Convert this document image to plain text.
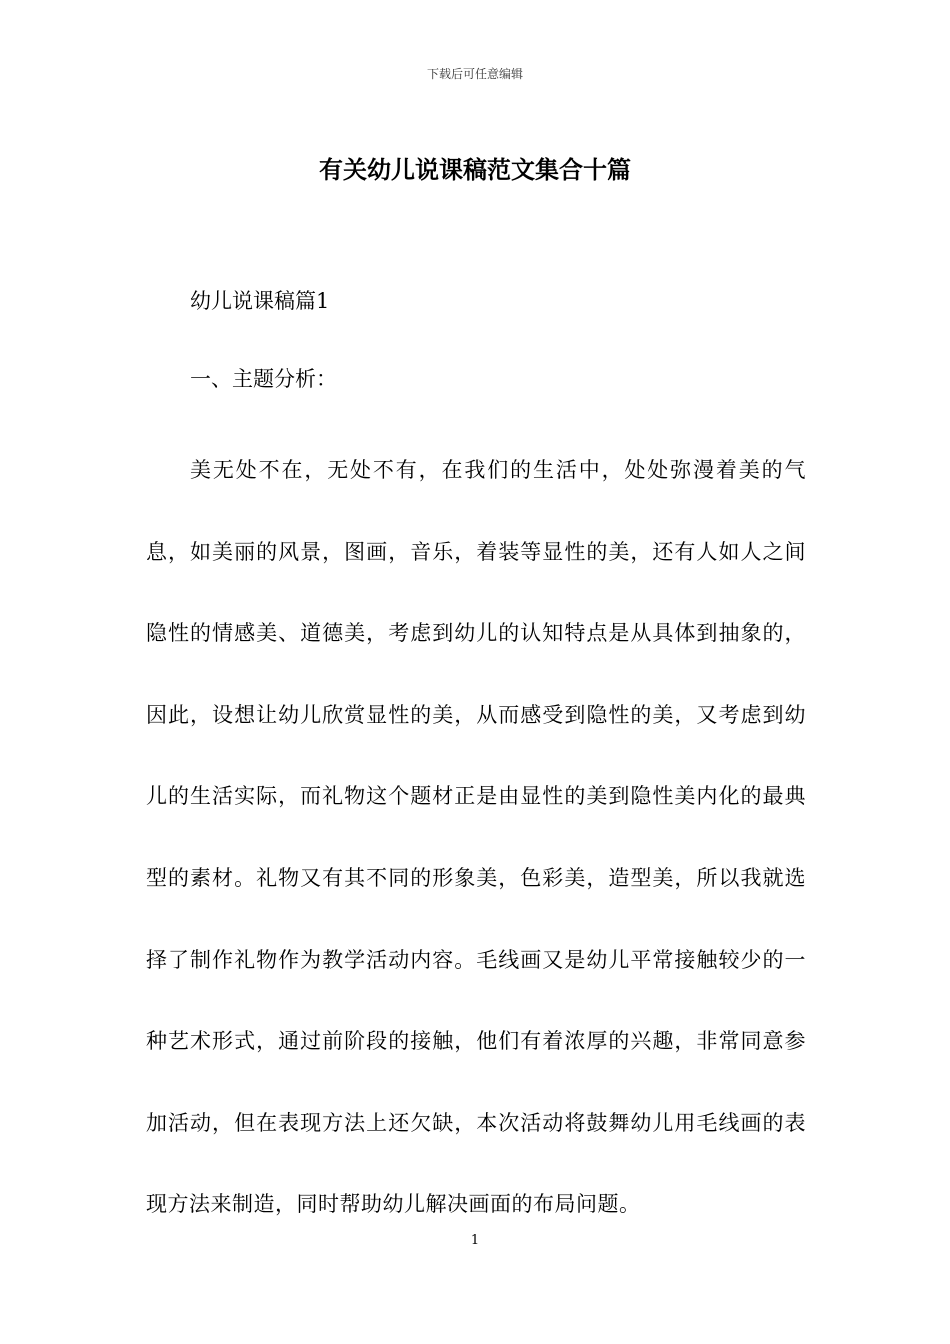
下载后可任意编辑
有关幼儿说课稿范文集合十篇
幼儿说课稿篇1
一、主题分析：

美无处不在，无处不有，在我们的生活中，处处弥漫着美的气息，如美丽的风景，图画，音乐，着装等显性的美，还有人如人之间隐性的情感美、道德美，考虑到幼儿的认知特点是从具体到抽象的，因此，设想让幼儿欣赏显性的美，从而感受到隐性的美，又考虑到幼儿的生活实际，而礼物这个题材正是由显性的美到隐性美内化的最典型的素材。礼物又有其不同的形象美，色彩美，造型美，所以我就选择了制作礼物作为教学活动内容。毛线画又是幼儿平常接触较少的一种艺术形式，通过前阶段的接触，他们有着浓厚的兴趣，非常同意参加活动，但在表现方法上还欠缺，本次活动将鼓舞幼儿用毛线画的表现方法来制造，同时帮助幼儿解决画面的布局问题。

1
